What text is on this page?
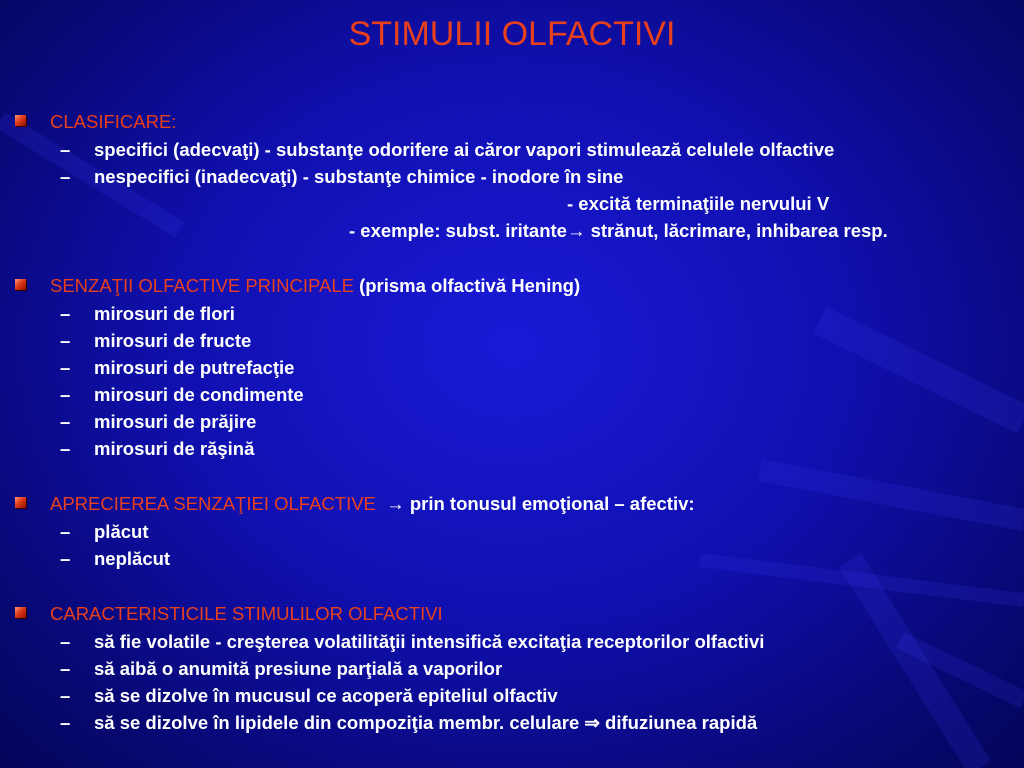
STIMULII OLFACTIVI
CLASIFICARE:
– specifici (adecvaţi) - substanţe odorifere ai căror vapori stimulează celulele olfactive
– nespecifici (inadecvaţi) - substanţe chimice - inodore în sine
- excită terminaţiile nervului V
- exemple: subst. iritante→ strănut, lăcrimare, inhibarea resp.
SENZAŢII OLFACTIVE PRINCIPALE (prisma olfactivă Hening)
– mirosuri de flori
– mirosuri de fructe
– mirosuri de putrefacţie
– mirosuri de condimente
– mirosuri de prăjire
– mirosuri de răşină
APRECIEREA SENZAŢIEI OLFACTIVE  → prin tonusul emoţional – afectiv:
– plăcut
– neplăcut
CARACTERISTICILE STIMULILOR OLFACTIVI
– să fie volatile - creşterea volatilităţii intensifică excitaţia receptorilor olfactivi
– să aibă o anumită presiune parţială a vaporilor
– să se dizolve în mucusul ce acoperă epiteliul olfactiv
– să se dizolve în lipidele din compoziţia membr. celulare ⇒ difuziunea rapidă
